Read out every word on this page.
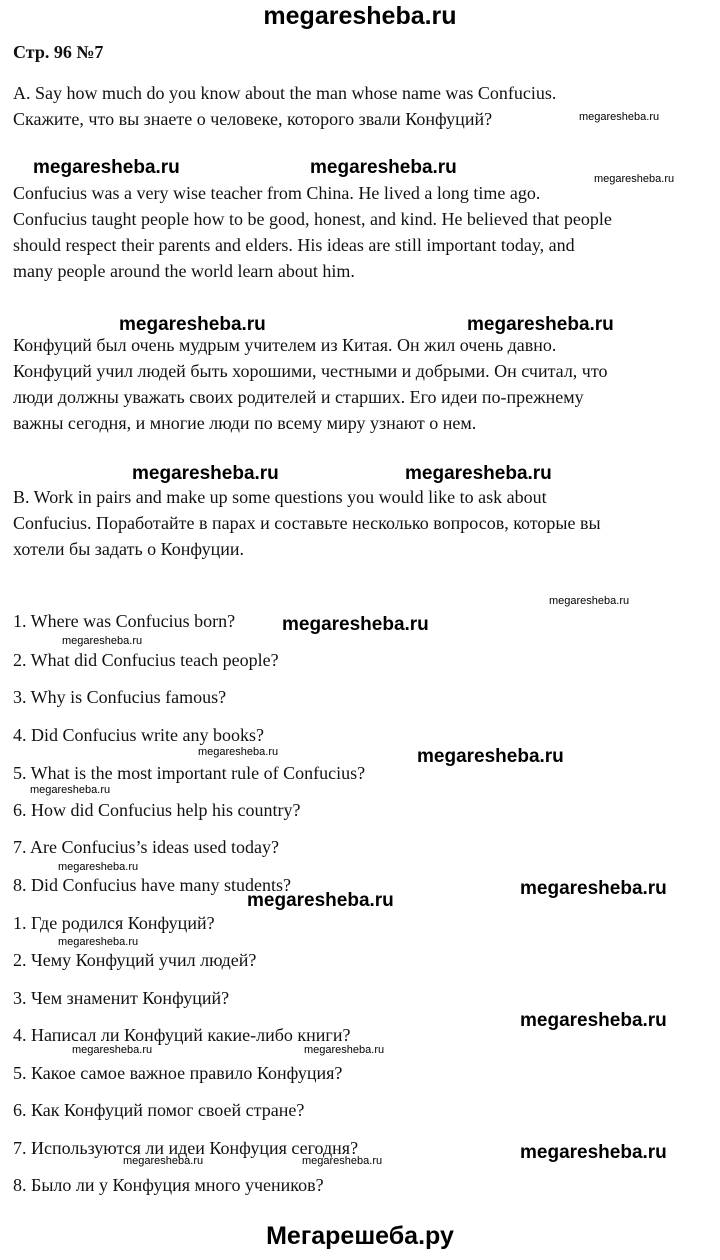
megaresheba.ru
Стр. 96 №7
A. Say how much do you know about the man whose name was Confucius.
Скажите, что вы знаете о человеке, которого звали Конфуций?
Confucius was a very wise teacher from China. He lived a long time ago.
Confucius taught people how to be good, honest, and kind. He believed that people
should respect their parents and elders. His ideas are still important today, and
many people around the world learn about him.
Конфуций был очень мудрым учителем из Китая. Он жил очень давно.
Конфуций учил людей быть хорошими, честными и добрыми. Он считал, что
люди должны уважать своих родителей и старших. Его идеи по-прежнему
важны сегодня, и многие люди по всему миру узнают о нем.
B. Work in pairs and make up some questions you would like to ask about
Confucius. Поработайте в парах и составьте несколько вопросов, которые вы
хотели бы задать о Конфуции.
1. Where was Confucius born?
2. What did Confucius teach people?
3. Why is Confucius famous?
4. Did Confucius write any books?
5. What is the most important rule of Confucius?
6. How did Confucius help his country?
7. Are Confucius’s ideas used today?
8. Did Confucius have many students?
1. Где родился Конфуций?
2. Чему Конфуций учил людей?
3. Чем знаменит Конфуций?
4. Написал ли Конфуций какие-либо книги?
5. Какое самое важное правило Конфуция?
6. Как Конфуций помог своей стране?
7. Используются ли идеи Конфуция сегодня?
8. Было ли у Конфуция много учеников?
megaresheba.ru	megaresheba.ru
megaresheba.ru	megaresheba.ru
megaresheba.ru	megaresheba.ru
megaresheba.ru
megaresheba.ru
megaresheba.ru
megaresheba.ru
megaresheba.ru
megaresheba.ru
megaresheba.ru
megaresheba.ru
megaresheba.ru
megaresheba.ru
megaresheba.ru
megaresheba.ru
megaresheba.ru
megaresheba.ru
megaresheba.ru	megaresheba.ru
megaresheba.ru	megaresheba.ru
Мегарешеба.ру
